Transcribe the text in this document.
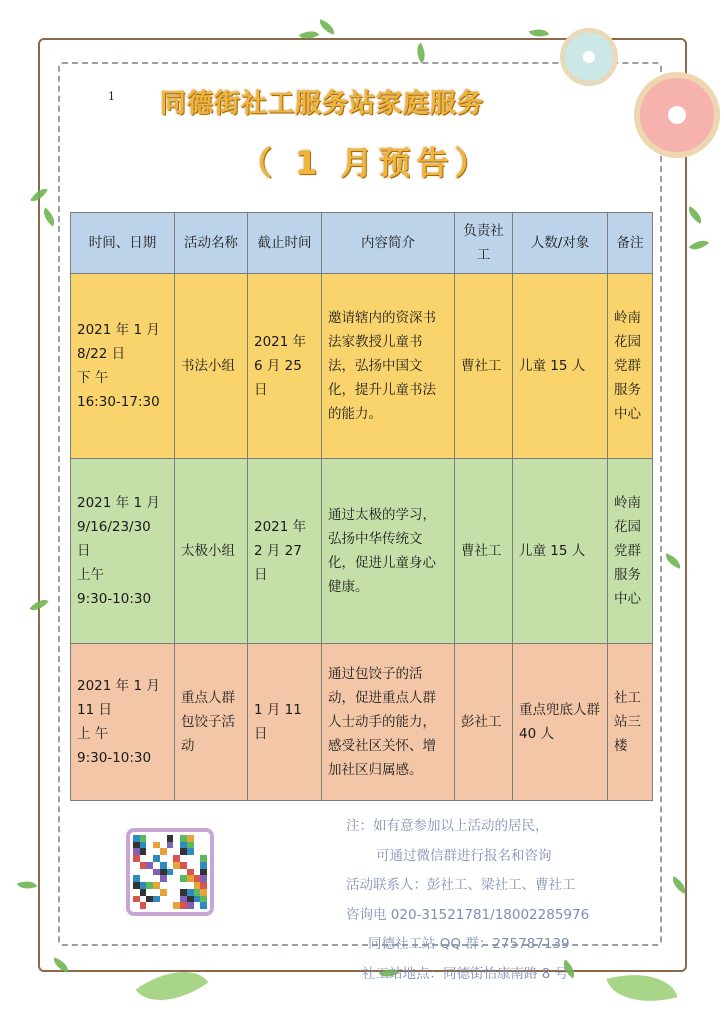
1 同德街社工服务站家庭服务
（ 1 月预告）
时间、日期	活动名称	截止时间	内容简介	负责社工	人数/对象	备注

2021 年 1 月
8/22 日
下 午
16:30-17:30	书法小组	2021 年 6 月 25 日	邀请辖内的资深书法家教授儿童书法，弘扬中国文化，提升儿童书法的能力。	曹社工	儿童 15 人	岭南花园党群服务中心

2021 年 1 月
9/16/23/30
日
上午
9:30-10:30	太极小组	2021 年 2 月 27 日	通过太极的学习，弘扬中华传统文化，促进儿童身心健康。	曹社工	儿童 15 人	岭南花园党群服务中心

2021 年 1 月
11 日
上 午
9:30-10:30	重点人群包饺子活动	1 月 11 日	通过包饺子的活动，促进重点人群人士动手的能力，感受社区关怀、增加社区归属感。	彭社工	重点兜底人群 40 人	社工站三楼
注：如有意参加以上活动的居民，
可通过微信群进行报名和咨询
活动联系人：彭社工、梁社工、曹社工
咨询电 020-31521781/18002285976
同德社工站 QQ 群：275787139
社工站地点：同德街怡康南路 8 号
